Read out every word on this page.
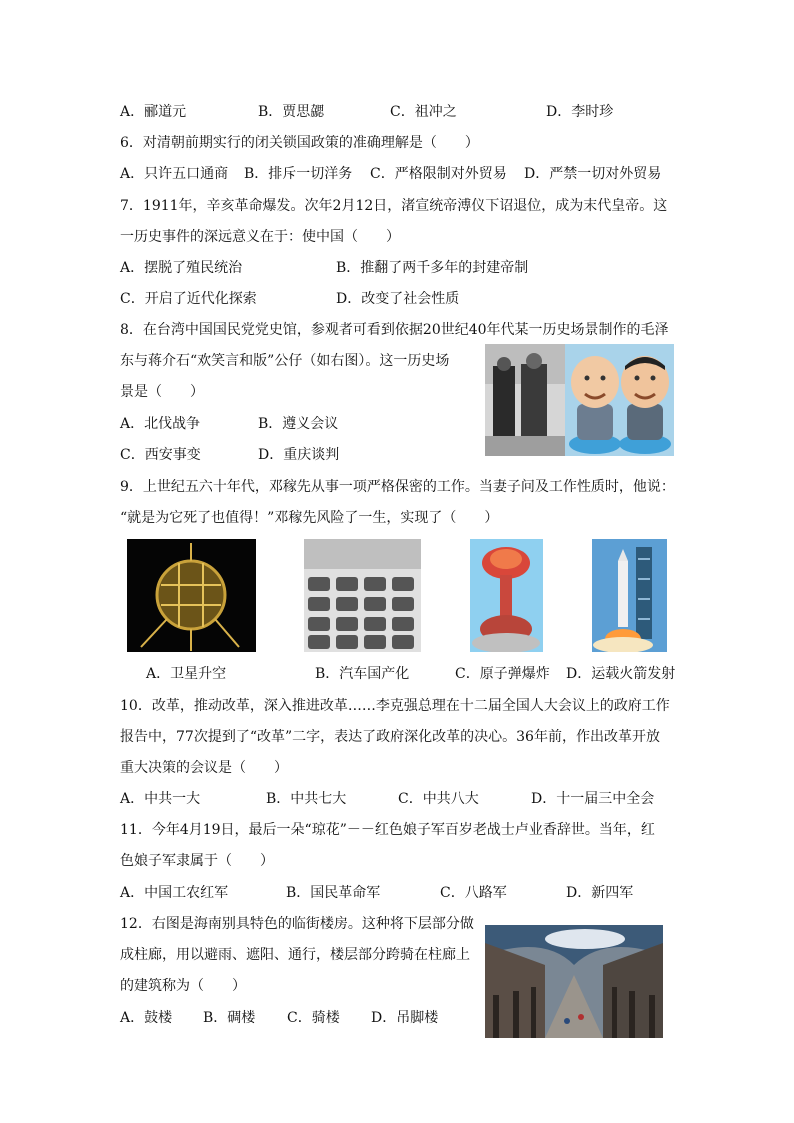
A．郦道元	B．贾思勰	C．祖冲之	D．李时珍
6．对清朝前期实行的闭关锁国政策的准确理解是（　　）
A．只许五口通商 B．排斥一切洋务 C．严格限制对外贸易 D．严禁一切对外贸易
7．1911年，辛亥革命爆发。次年2月12日，渚宣统帝溥仪下诏退位，成为末代皇帝。这
一历史事件的深远意义在于：使中国（　　）
A．摆脱了殖民统治	B．推翻了两千多年的封建帝制
C．开启了近代化探索	D．改变了社会性质
8．在台湾中国国民党党史馆，参观者可看到依据20世纪40年代某一历史场景制作的毛泽
东与蒋介石“欢笑言和版”公仔（如右图）。这一历史场
景是（　　）
A．北伐战争	B．遵义会议
C．西安事变	D．重庆谈判
9．上世纪五六十年代，邓稼先从事一项严格保密的工作。当妻子问及工作性质时，他说：
“就是为它死了也值得！”邓稼先风险了一生，实现了（　　）
A．卫星升空	B．汽车国产化	C．原子弹爆炸 D．运载火箭发射
10．改革，推动改革，深入推进改革……李克强总理在十二届全国人大会议上的政府工作
报告中，77次提到了“改革”二字，表达了政府深化改革的决心。36年前，作出改革开放
重大决策的会议是（　　）
A．中共一大	B．中共七大	C．中共八大	D．十一届三中全会
11．今年4月19日，最后一朵“琼花”－－红色娘子军百岁老战士卢业香辞世。当年，红
色娘子军隶属于（　　）
A．中国工农红军	B．国民革命军	C．八路军	D．新四军
12．右图是海南别具特色的临街楼房。这种将下层部分做
成柱廊，用以避雨、遮阳、通行，楼层部分跨骑在柱廊上
的建筑称为（　　）
A．鼓楼 B．碉楼 C．骑楼 D．吊脚楼
